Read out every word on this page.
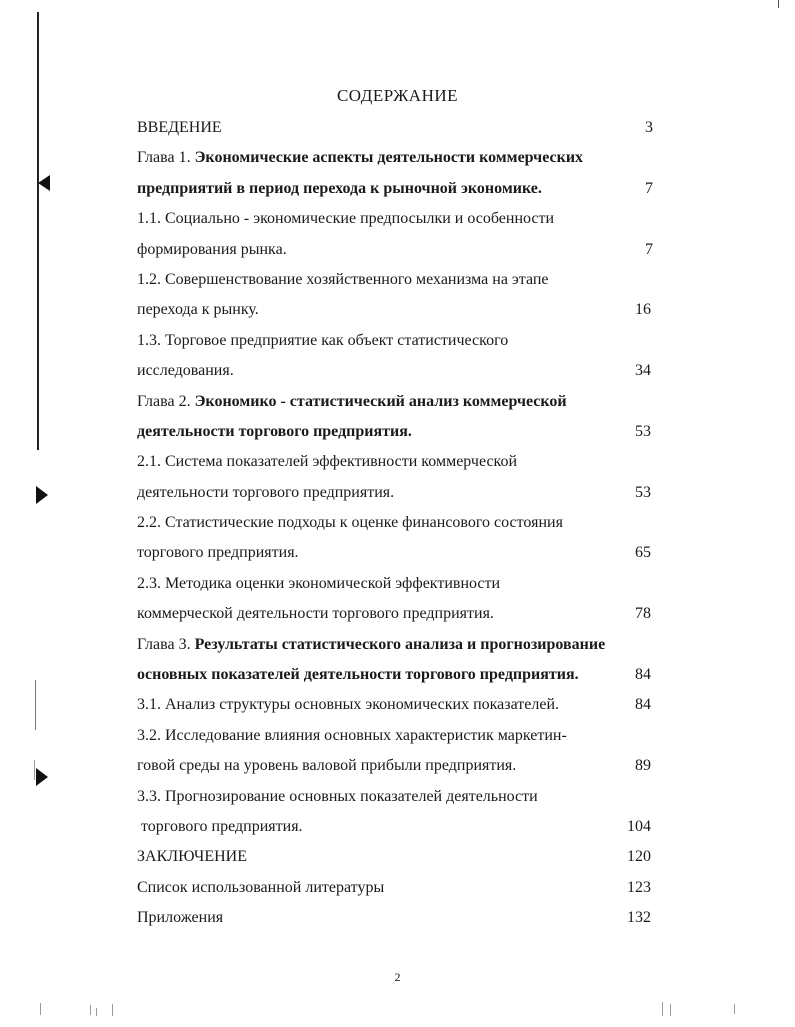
СОДЕРЖАНИЕ
ВВЕДЕНИЕ	3
Глава 1. Экономические аспекты деятельности коммерческих
предприятий в период перехода к рыночной экономике.	7
1.1. Социально - экономические предпосылки и особенности
формирования рынка.	7
1.2. Совершенствование хозяйственного механизма на этапе
перехода к рынку.	16
1.3. Торговое предприятие как объект статистического
исследования.	34
Глава 2. Экономико - статистический анализ коммерческой
деятельности торгового предприятия.	53
2.1. Система показателей эффективности коммерческой
деятельности торгового предприятия.	53
2.2. Статистические подходы к оценке финансового состояния
торгового предприятия.	65
2.3. Методика оценки экономической эффективности
коммерческой деятельности торгового предприятия.	78
Глава 3. Результаты статистического анализа и прогнозирование
основных показателей деятельности торгового предприятия.	84
3.1. Анализ структуры основных экономических показателей.	84
3.2. Исследование влияния основных характеристик маркетин-
говой среды на уровень валовой прибыли предприятия.	89
3.3. Прогнозирование основных показателей деятельности
торгового предприятия.	104
ЗАКЛЮЧЕНИЕ	120
Список использованной литературы	123
Приложения	132
2
